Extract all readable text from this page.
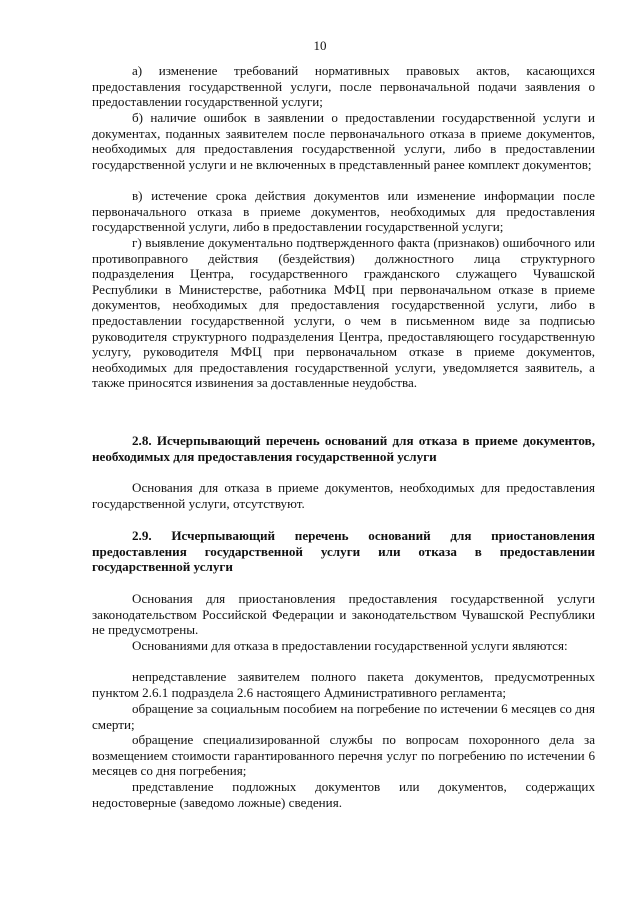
10

а) изменение требований нормативных правовых актов, касающихся предоставления государственной услуги, после первоначальной подачи заявления о предоставлении государственной услуги;

б) наличие ошибок в заявлении о предоставлении государственной услуги и документах, поданных заявителем после первоначального отказа в приеме документов, необходимых для предоставления государственной услуги, либо в предоставлении государственной услуги и не включенных в представленный ранее комплект документов;

в) истечение срока действия документов или изменение информации после первоначального отказа в приеме документов, необходимых для предоставления государственной услуги, либо в предоставлении государственной услуги;

г) выявление документально подтвержденного факта (признаков) ошибочного или противоправного действия (бездействия) должностного лица структурного подразделения Центра, государственного гражданского служащего Чувашской Республики в Министерстве, работника МФЦ при первоначальном отказе в приеме документов, необходимых для предоставления государственной услуги, либо в предоставлении государственной услуги, о чем в письменном виде за подписью руководителя структурного подразделения Центра, предоставляющего государственную услугу, руководителя МФЦ при первоначальном отказе в приеме документов, необходимых для предоставления государственной услуги, уведомляется заявитель, а также приносятся извинения за доставленные неудобства.

2.8. Исчерпывающий перечень оснований для отказа в приеме документов, необходимых для предоставления государственной услуги

Основания для отказа в приеме документов, необходимых для предоставления государственной услуги, отсутствуют.

2.9. Исчерпывающий перечень оснований для приостановления предоставления государственной услуги или отказа в предоставлении государственной услуги

Основания для приостановления предоставления государственной услуги законодательством Российской Федерации и законодательством Чувашской Республики не предусмотрены.

Основаниями для отказа в предоставлении государственной услуги являются:

непредставление заявителем полного пакета документов, предусмотренных пунктом 2.6.1 подраздела 2.6 настоящего Административного регламента;

обращение за социальным пособием на погребение по истечении 6 месяцев со дня смерти;

обращение специализированной службы по вопросам похоронного дела за возмещением стоимости гарантированного перечня услуг по погребению по истечении 6 месяцев со дня погребения;

представление подложных документов или документов, содержащих недостоверные (заведомо ложные) сведения.
